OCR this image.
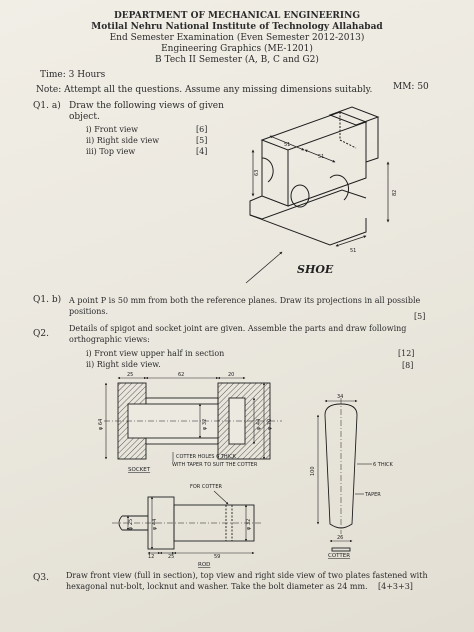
DEPARTMENT OF MECHANICAL ENGINEERING
Motilal Nehru National Institute of Technology Allahabad
End Semester Examination (Even Semester 2012-2013)
Engineering Graphics (ME-1201)
B Tech II Semester (A, B, C and G2)
Time: 3 Hours
MM: 50
Note: Attempt all the questions. Assume any missing dimensions suitably.
Q1. a) Draw the following views of given
object.
i) Front view	[6]
ii) Right side view	[5]
iii) Top view	[4]
Q1. b) A point P is 50 mm from both the reference planes. Draw its projections in all possible
positions.
[5]
Q2.
Details of spigot and socket joint are given. Assemble the parts and draw following
orthographic views:
i) Front view upper half in section	[12]
ii) Right side view.	[8]
Q3. Draw front view (full in section), top view and right side view of two plates fastened with
hexagonal nut-bolt, locknut and washer. Take the bolt diameter as 24 mm. [4+3+3]
63
51
51
82
51
SHOE
25	62	20
φ 64	φ 32	φ 44 φ 70
SOCKET
COTTER HOLES 6 THICK
WITH TAPER TO SUIT THE COTTER
12	25	59
φ 25	φ 44	φ 32
FOR COTTER
ROD
34
100
26
6 THICK
TAPER
COTTER
